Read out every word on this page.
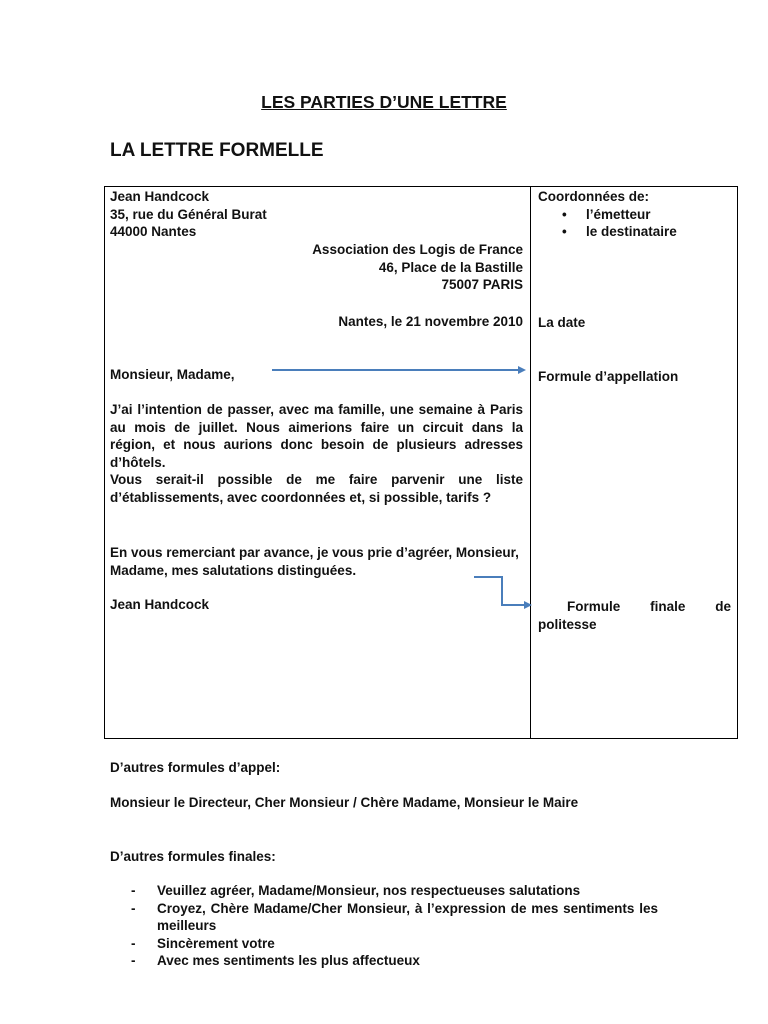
LES PARTIES D’UNE LETTRE
LA LETTRE FORMELLE
Jean Handcock
35, rue du Général Burat
44000 Nantes
Association des Logis de France
46, Place de la Bastille
75007 PARIS
Nantes, le 21 novembre 2010
Monsieur, Madame,
J’ai l’intention de passer, avec ma famille, une semaine à Paris au mois de juillet. Nous aimerions faire un circuit dans la région, et nous aurions donc besoin de plusieurs adresses d’hôtels.
Vous serait-il possible de me faire parvenir une liste d’établissements, avec coordonnées et, si possible, tarifs ?
En vous remerciant par avance, je vous prie d’agréer, Monsieur, Madame, mes salutations distinguées.
Jean Handcock
Coordonnées de:
•	l’émetteur
•	le destinataire
La date
Formule d’appellation
Formule finale de politesse
D’autres formules d’appel:
Monsieur le Directeur, Cher Monsieur / Chère Madame, Monsieur le Maire
D’autres formules finales:
-	Veuillez agréer, Madame/Monsieur, nos respectueuses salutations
-	Croyez, Chère Madame/Cher Monsieur, à l’expression de mes sentiments les meilleurs
-	Sincèrement votre
-	Avec mes sentiments les plus affectueux
